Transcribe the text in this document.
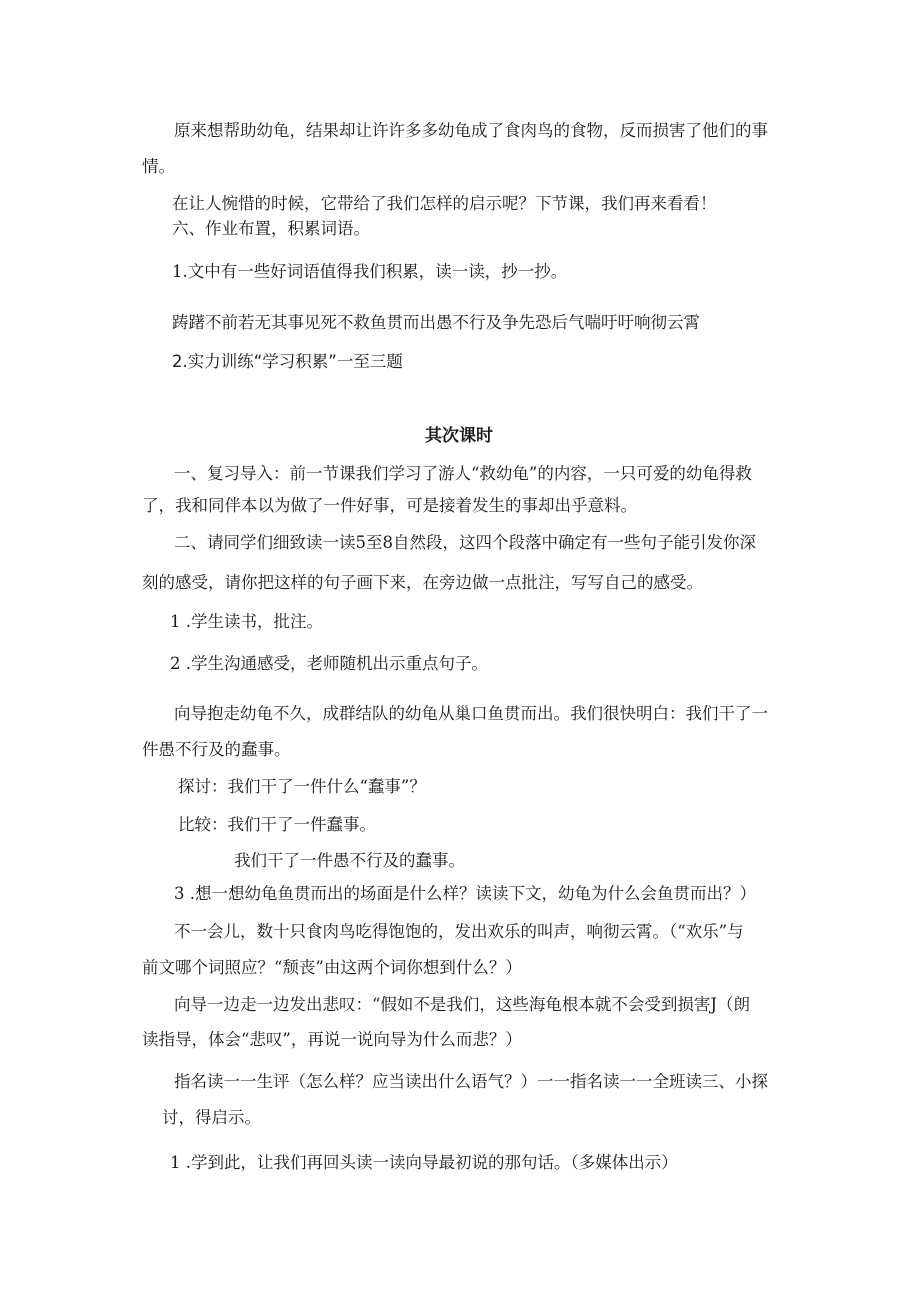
原来想帮助幼龟，结果却让许许多多幼龟成了食肉鸟的食物，反而损害了他们的事
情。
在让人惋惜的时候，它带给了我们怎样的启示呢？下节课，我们再来看看！
六、作业布置，积累词语。
1.文中有一些好词语值得我们积累，读一读，抄一抄。
踌躇不前若无其事见死不救鱼贯而出愚不行及争先恐后气喘吁吁响彻云霄
2.实力训练“学习积累”一至三题
其次课时
一、复习导入：前一节课我们学习了游人“救幼龟”的内容，一只可爱的幼龟得救
了，我和同伴本以为做了一件好事，可是接着发生的事却出乎意料。
二、请同学们细致读一读5至8自然段，这四个段落中确定有一些句子能引发你深
刻的感受，请你把这样的句子画下来，在旁边做一点批注，写写自己的感受。
1 .学生读书，批注。
2 .学生沟通感受，老师随机出示重点句子。
向导抱走幼龟不久，成群结队的幼龟从巢口鱼贯而出。我们很快明白：我们干了一
件愚不行及的蠢事。
探讨：我们干了一件什么“蠢事”？
比较：我们干了一件蠢事。
我们干了一件愚不行及的蠢事。
3 .想一想幼龟鱼贯而出的场面是什么样？读读下文，幼龟为什么会鱼贯而出？）
不一会儿，数十只食肉鸟吃得饱饱的，发出欢乐的叫声，响彻云霄。（“欢乐”与
前文哪个词照应？“颓丧”由这两个词你想到什么？）
向导一边走一边发出悲叹：“假如不是我们，这些海龟根本就不会受到损害J（朗
读指导，体会“悲叹”，再说一说向导为什么而悲？）
指名读一一生评（怎么样？应当读出什么语气？）一一指名读一一全班读三、小探
讨，得启示。
1 .学到此，让我们再回头读一读向导最初说的那句话。（多媒体出示）
